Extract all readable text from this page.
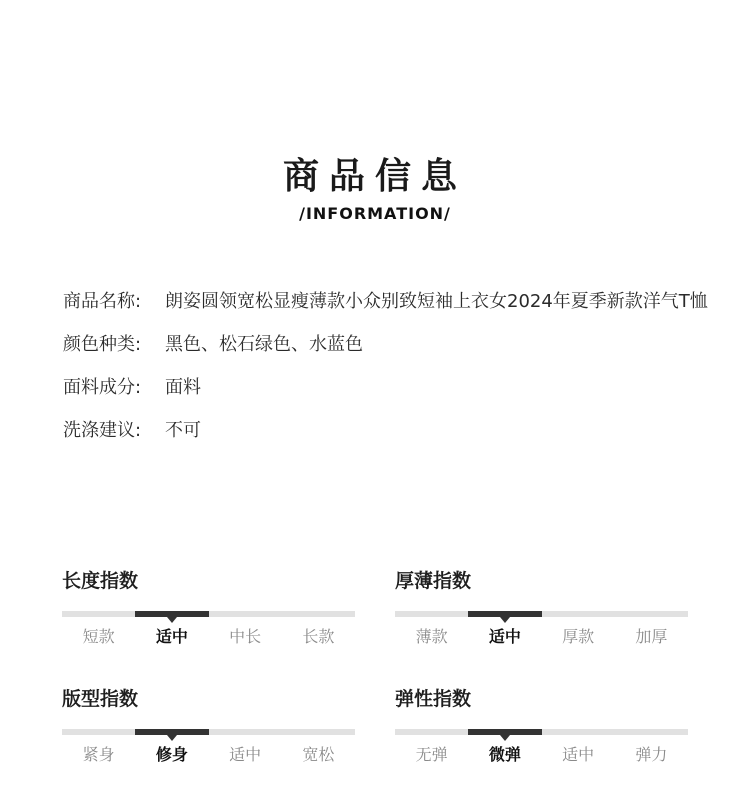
商品信息
/INFORMATION/
商品名称:	朗姿圆领宽松显瘦薄款小众别致短袖上衣女2024年夏季新款洋气T恤
颜色种类:	黑色、松石绿色、水蓝色
面料成分:	面料
洗涤建议:	不可
长度指数
短款	适中	中长	长款
厚薄指数
薄款	适中	厚款	加厚
版型指数
紧身	修身	适中	宽松
弹性指数
无弹	微弹	适中	弹力
